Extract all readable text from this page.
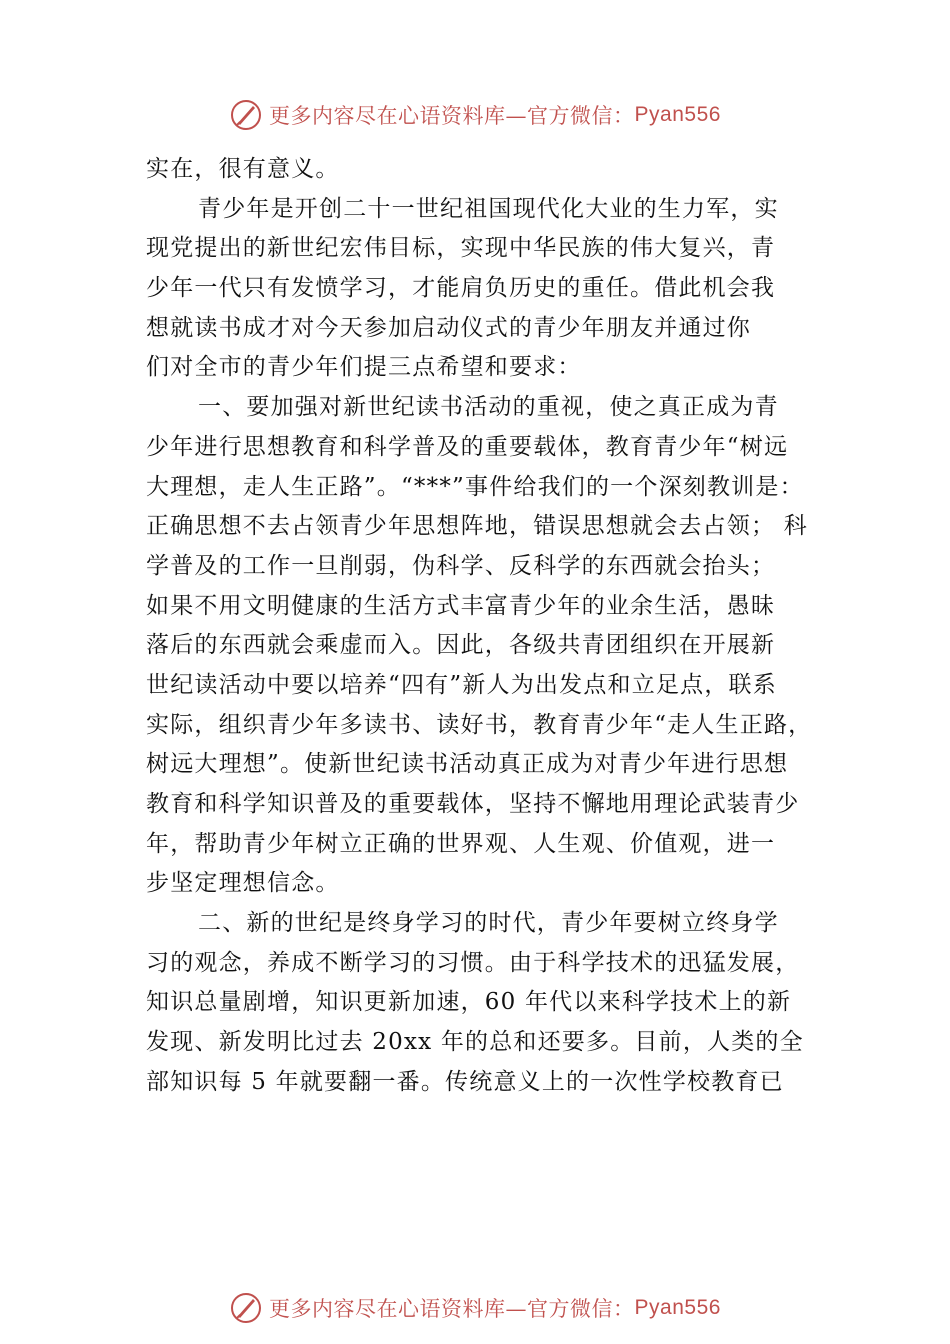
更多内容尽在心语资料库—官方微信： Pyan556
实在，很有意义。
青少年是开创二十一世纪祖国现代化大业的生力军，实
现党提出的新世纪宏伟目标，实现中华民族的伟大复兴，青
少年一代只有发愤学习，才能肩负历史的重任。借此机会我
想就读书成才对今天参加启动仪式的青少年朋友并通过你
们对全市的青少年们提三点希望和要求：
一、要加强对新世纪读书活动的重视，使之真正成为青
少年进行思想教育和科学普及的重要载体，教育青少年“树远
大理想，走人生正路”。“***”事件给我们的一个深刻教训是：
正确思想不去占领青少年思想阵地，错误思想就会去占领； 科
学普及的工作一旦削弱，伪科学、反科学的东西就会抬头；
如果不用文明健康的生活方式丰富青少年的业余生活，愚昧
落后的东西就会乘虚而入。因此，各级共青团组织在开展新
世纪读活动中要以培养“四有”新人为出发点和立足点，联系
实际，组织青少年多读书、读好书，教育青少年“走人生正路，
树远大理想”。使新世纪读书活动真正成为对青少年进行思想
教育和科学知识普及的重要载体，坚持不懈地用理论武装青少
年，帮助青少年树立正确的世界观、人生观、价值观，进一
步坚定理想信念。
二、新的世纪是终身学习的时代，青少年要树立终身学
习的观念，养成不断学习的习惯。由于科学技术的迅猛发展，
知识总量剧增，知识更新加速，60 年代以来科学技术上的新
发现、新发明比过去 20xx 年的总和还要多。目前，人类的全
部知识每 5 年就要翻一番。传统意义上的一次性学校教育已
更多内容尽在心语资料库—官方微信： Pyan556
